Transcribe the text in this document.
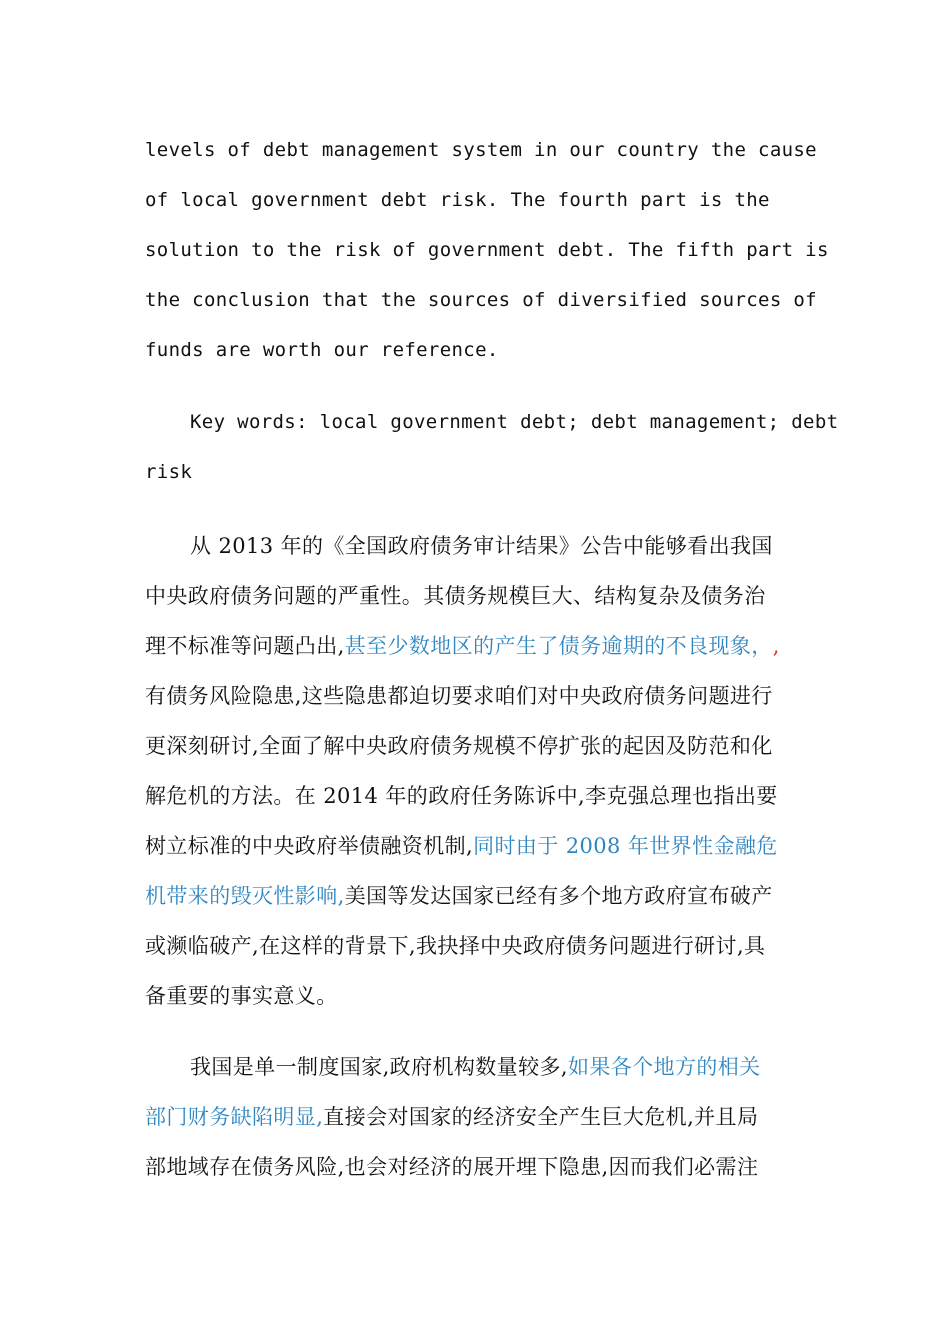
levels of debt management system in our country the cause
of local government debt risk. The fourth part is the
solution to the risk of government debt. The fifth part is
the conclusion that the sources of diversified sources of
funds are worth our reference.
Key words: local government debt; debt management; debt
risk
从 2013 年的《全国政府债务审计结果》公告中能够看出我国
中央政府债务问题的严重性。其债务规模巨大、结构复杂及债务治
理不标准等问题凸出,甚至少数地区的产生了债务逾期的不良现象，,
有债务风险隐患,这些隐患都迫切要求咱们对中央政府债务问题进行
更深刻研讨,全面了解中央政府债务规模不停扩张的起因及防范和化
解危机的方法。在 2014 年的政府任务陈诉中,李克强总理也指出要
树立标准的中央政府举债融资机制,同时由于 2008 年世界性金融危
机带来的毁灭性影响,美国等发达国家已经有多个地方政府宣布破产
或濒临破产,在这样的背景下,我抉择中央政府债务问题进行研讨,具
备重要的事实意义。
我国是单一制度国家,政府机构数量较多,如果各个地方的相关
部门财务缺陷明显,直接会对国家的经济安全产生巨大危机,并且局
部地域存在债务风险,也会对经济的展开埋下隐患,因而我们必需注
